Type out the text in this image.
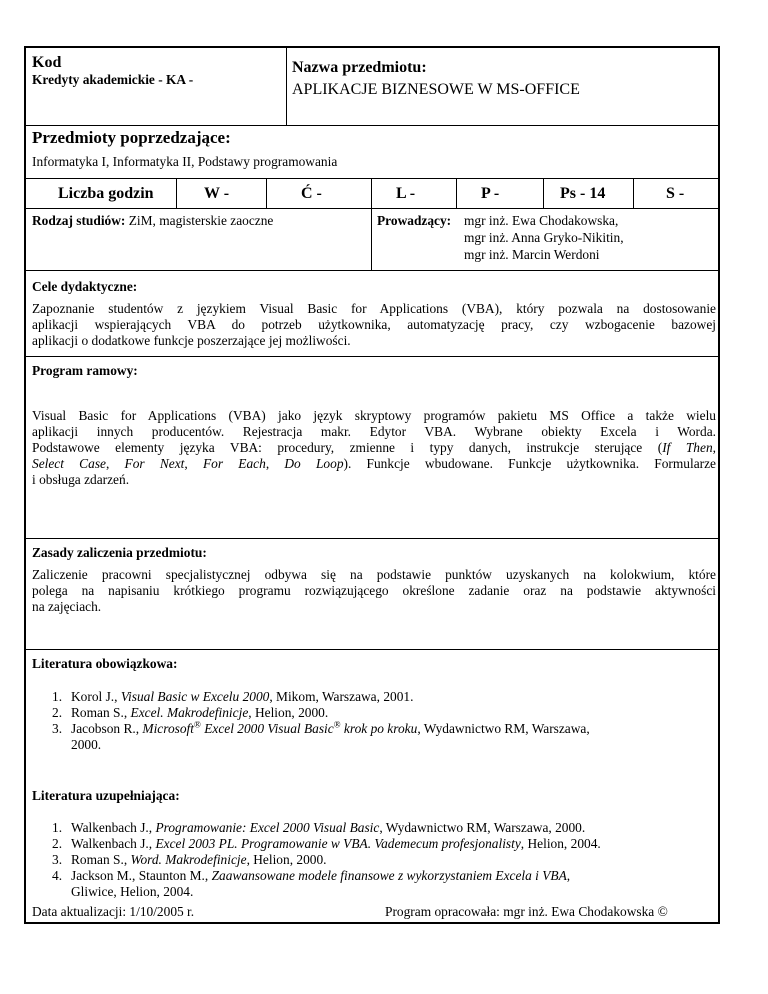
Kod
Kredyty akademickie - KA -
Nazwa przedmiotu:
APLIKACJE BIZNESOWE W MS-OFFICE
Przedmioty poprzedzające:
Informatyka I, Informatyka II, Podstawy programowania
Liczba godzin	W -	Ć -	L -	P -	Ps - 14	S -
Rodzaj studiów: ZiM, magisterskie zaoczne	Prowadzący: mgr inż. Ewa Chodakowska,
mgr inż. Anna Gryko-Nikitin,
mgr inż. Marcin Werdoni
Cele dydaktyczne:
Zapoznanie studentów z językiem Visual Basic for Applications (VBA), który pozwala na dostosowanie
aplikacji wspierających VBA do potrzeb użytkownika, automatyzację pracy, czy wzbogacenie bazowej
aplikacji o dodatkowe funkcje poszerzające jej możliwości.
Program ramowy:
Visual Basic for Applications (VBA) jako język skryptowy programów pakietu MS Office a także wielu
aplikacji innych producentów. Rejestracja makr. Edytor VBA. Wybrane obiekty Excela i Worda.
Podstawowe elementy języka VBA: procedury, zmienne i typy danych, instrukcje sterujące (If Then,
Select Case, For Next, For Each, Do Loop). Funkcje wbudowane. Funkcje użytkownika. Formularze
i obsługa zdarzeń.
Zasady zaliczenia przedmiotu:
Zaliczenie pracowni specjalistycznej odbywa się na podstawie punktów uzyskanych na kolokwium, które
polega na napisaniu krótkiego programu rozwiązującego określone zadanie oraz na podstawie aktywności
na zajęciach.
Literatura obowiązkowa:
1. Korol J., Visual Basic w Excelu 2000, Mikom, Warszawa, 2001.
2. Roman S., Excel. Makrodefinicje, Helion, 2000.
3. Jacobson R., Microsoft® Excel 2000 Visual Basic® krok po kroku, Wydawnictwo RM, Warszawa,
2000.
Literatura uzupełniająca:
1. Walkenbach J., Programowanie: Excel 2000 Visual Basic, Wydawnictwo RM, Warszawa, 2000.
2. Walkenbach J., Excel 2003 PL. Programowanie w VBA. Vademecum profesjonalisty, Helion, 2004.
3. Roman S., Word. Makrodefinicje, Helion, 2000.
4. Jackson M., Staunton M., Zaawansowane modele finansowe z wykorzystaniem Excela i VBA,
Gliwice, Helion, 2004.
Data aktualizacji: 1/10/2005 r.	Program opracowała: mgr inż. Ewa Chodakowska ©
